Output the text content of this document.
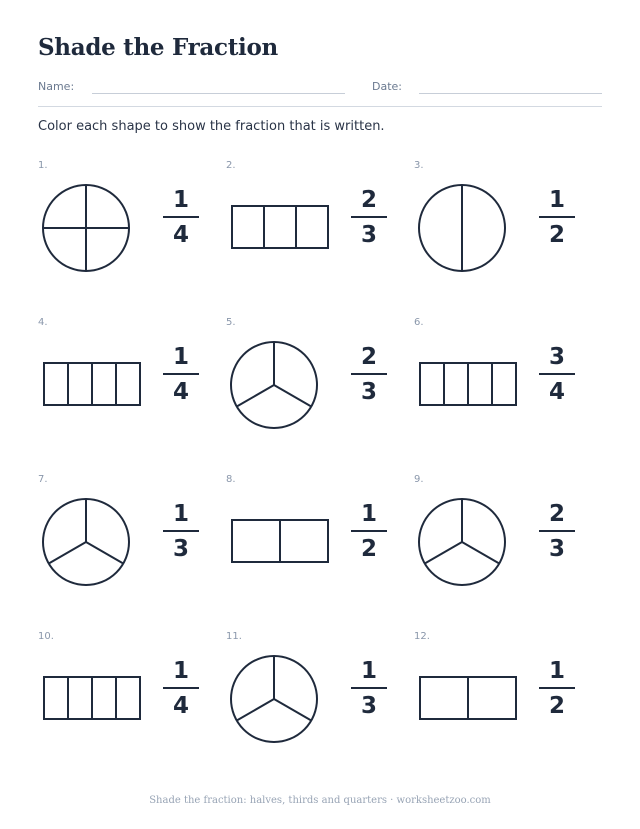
Shade the Fraction
Name:	Date:
Color each shape to show the fraction that is written.
1.
1
4
2.
2
3
3.
1
2
4.
1
4
5.
2
3
6.
3
4
7.
1
3
8.
1
2
9.
2
3
10.
1
4
11.
1
3
12.
1
2
Shade the fraction: halves, thirds and quarters · worksheetzoo.com
